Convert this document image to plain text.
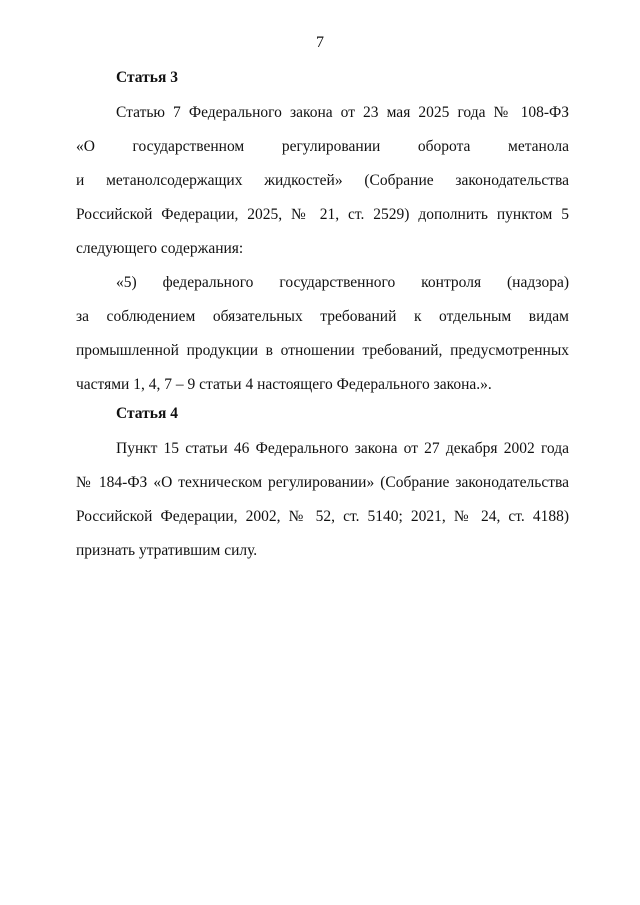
7

Статья 3

Статью 7 Федерального закона от 23 мая 2025 года № 108-ФЗ
«О государственном регулировании оборота метанола
и метанолсодержащих жидкостей» (Собрание законодательства
Российской Федерации, 2025, № 21, ст. 2529) дополнить пунктом 5
следующего содержания:

«5) федерального государственного контроля (надзора)
за соблюдением обязательных требований к отдельным видам
промышленной продукции в отношении требований, предусмотренных
частями 1, 4, 7 – 9 статьи 4 настоящего Федерального закона.».

Статья 4

Пункт 15 статьи 46 Федерального закона от 27 декабря 2002 года
№ 184-ФЗ «О техническом регулировании» (Собрание законодательства
Российской Федерации, 2002, № 52, ст. 5140; 2021, № 24, ст. 4188)
признать утратившим силу.
